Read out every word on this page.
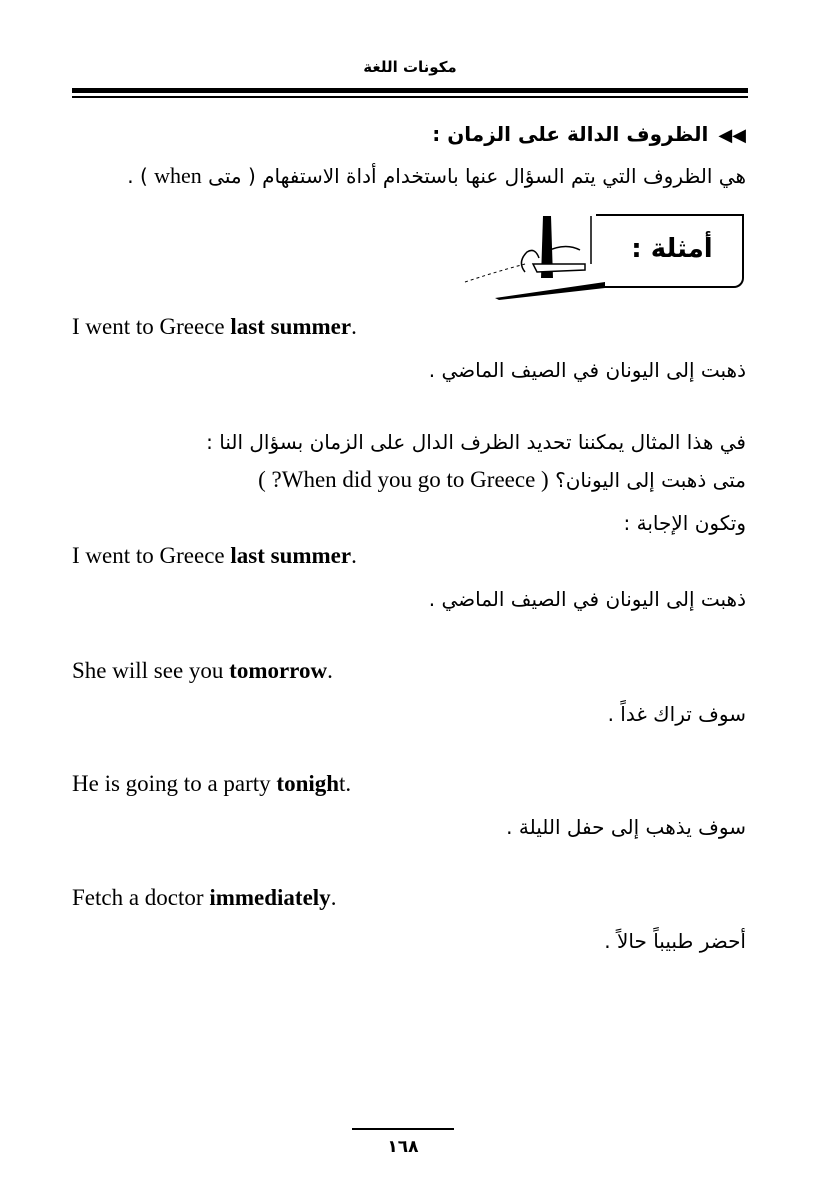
مكونات اللغة
◀◀الظروف الدالة على الزمان :
هي الظروف التي يتم السؤال عنها باستخدام أداة الاستفهام ( متى when ) .
أمثلة :
I went to Greece last summer.
ذهبت إلى اليونان في الصيف الماضي .
في هذا المثال يمكننا تحديد الظرف الدال على الزمان بسؤال النا :
متى ذهبت إلى اليونان؟ ( When did you go to Greece? )
وتكون الإجابة :
I went to Greece last summer.
ذهبت إلى اليونان في الصيف الماضي .
She will see you tomorrow.
سوف تراك غداً .
He is going to a party tonight.
سوف يذهب إلى حفل الليلة .
Fetch a doctor immediately.
أحضر طبيباً حالاً .
١٦٨
